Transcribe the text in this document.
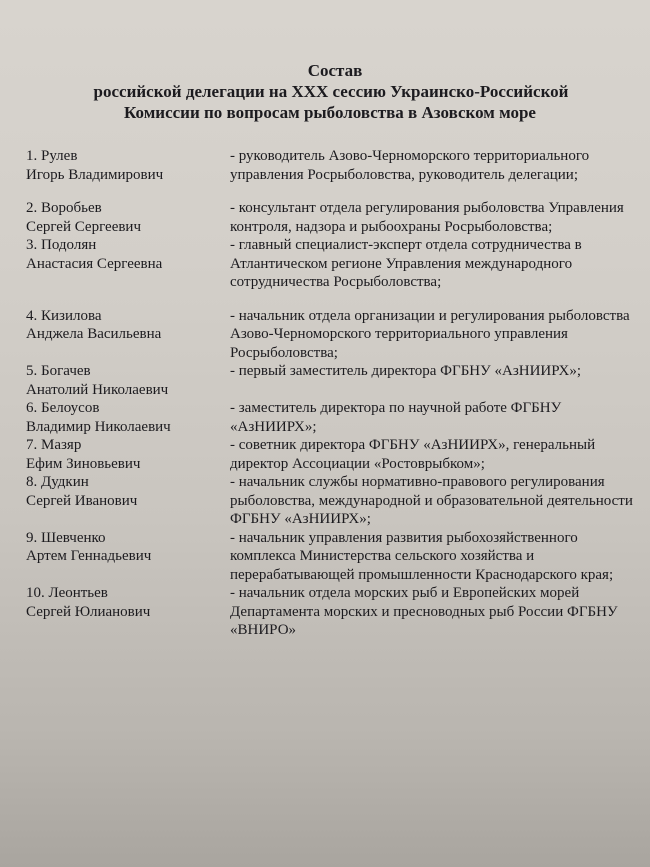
Состав
российской делегации на XXX сессию Украинско-Российской
Комиссии по вопросам рыболовства в Азовском море
1. Рулев
Игорь Владимирович
- руководитель Азово-Черноморского территориального управления Росрыболовства, руководитель делегации;
2. Воробьев
Сергей Сергеевич
- консультант отдела регулирования рыболовства Управления контроля, надзора и рыбоохраны Росрыболовства;
3. Подолян
Анастасия Сергеевна
- главный специалист-эксперт отдела сотрудничества в Атлантическом регионе Управления международного сотрудничества Росрыболовства;
4. Кизилова
Анджела Васильевна
- начальник отдела организации и регулирования рыболовства Азово-Черноморского территориального управления Росрыболовства;
5. Богачев
Анатолий Николаевич
- первый заместитель директора ФГБНУ «АзНИИРХ»;
6. Белоусов
Владимир Николаевич
- заместитель директора по научной работе ФГБНУ «АзНИИРХ»;
7. Мазяр
Ефим Зиновьевич
- советник директора ФГБНУ «АзНИИРХ», генеральный директор Ассоциации «Ростоврыбком»;
8. Дудкин
Сергей Иванович
- начальник службы нормативно-правового регулирования рыболовства, международной и образовательной деятельности ФГБНУ «АзНИИРХ»;
9. Шевченко
Артем Геннадьевич
- начальник управления развития рыбохозяйственного комплекса Министерства сельского хозяйства и перерабатывающей промышленности Краснодарского края;
10. Леонтьев
Сергей Юлианович
- начальник отдела морских рыб и Европейских морей Департамента морских и пресноводных рыб России ФГБНУ «ВНИРО»
